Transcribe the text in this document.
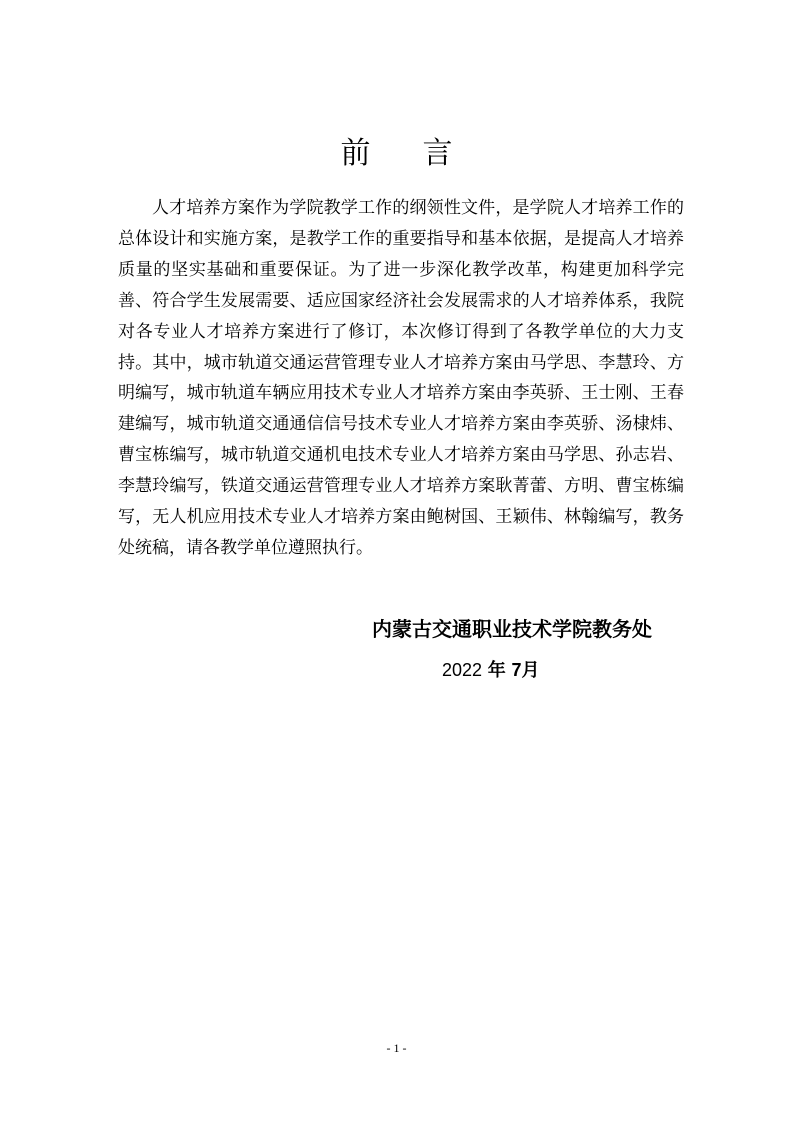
前言

人才培养方案作为学院教学工作的纲领性文件，是学院人才培养工作的总体设计和实施方案，是教学工作的重要指导和基本依据，是提高人才培养质量的坚实基础和重要保证。为了进一步深化教学改革，构建更加科学完善、符合学生发展需要、适应国家经济社会发展需求的人才培养体系，我院对各专业人才培养方案进行了修订，本次修订得到了各教学单位的大力支持。其中，城市轨道交通运营管理专业人才培养方案由马学思、李慧玲、方明编写，城市轨道车辆应用技术专业人才培养方案由李英骄、王士刚、王春建编写，城市轨道交通通信信号技术专业人才培养方案由李英骄、汤棣炜、曹宝栋编写，城市轨道交通机电技术专业人才培养方案由马学思、孙志岩、李慧玲编写，铁道交通运营管理专业人才培养方案耿菁蕾、方明、曹宝栋编写，无人机应用技术专业人才培养方案由鲍树国、王颖伟、林翰编写，教务处统稿，请各教学单位遵照执行。

内蒙古交通职业技术学院教务处
2022 年 7月
- 1 -
